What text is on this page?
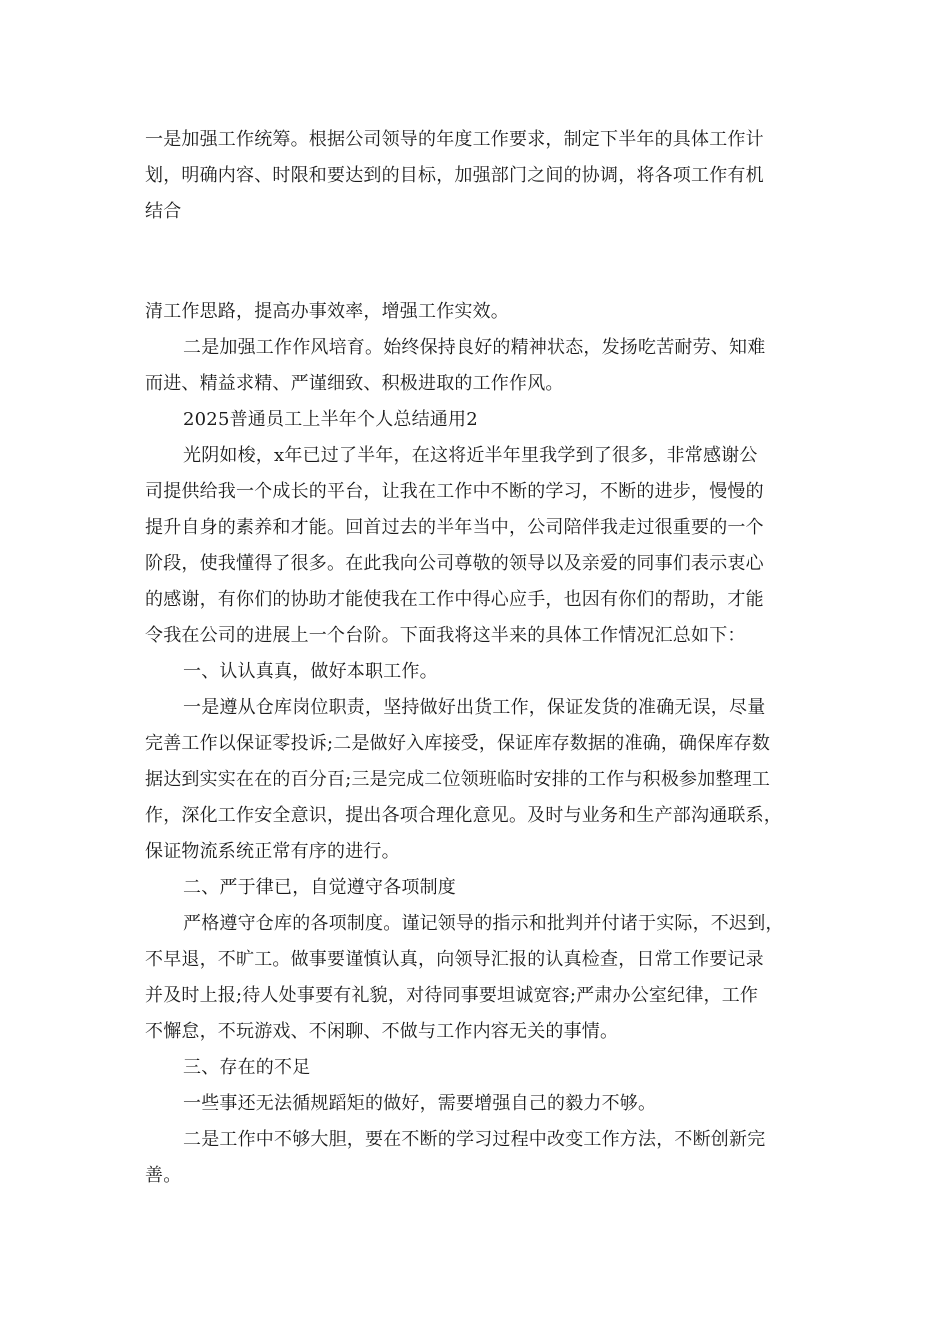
一是加强工作统筹。根据公司领导的年度工作要求，制定下半年的具体工作计
划，明确内容、时限和要达到的目标，加强部门之间的协调，将各项工作有机
结合
清工作思路，提高办事效率，增强工作实效。
二是加强工作作风培育。始终保持良好的精神状态，发扬吃苦耐劳、知难
而进、精益求精、严谨细致、积极进取的工作作风。
2025普通员工上半年个人总结通用2
光阴如梭，x年已过了半年，在这将近半年里我学到了很多，非常感谢公
司提供给我一个成长的平台，让我在工作中不断的学习，不断的进步，慢慢的
提升自身的素养和才能。回首过去的半年当中，公司陪伴我走过很重要的一个
阶段，使我懂得了很多。在此我向公司尊敬的领导以及亲爱的同事们表示衷心
的感谢，有你们的协助才能使我在工作中得心应手，也因有你们的帮助，才能
令我在公司的进展上一个台阶。下面我将这半来的具体工作情况汇总如下：
一、认认真真，做好本职工作。
一是遵从仓库岗位职责，坚持做好出货工作，保证发货的准确无误，尽量
完善工作以保证零投诉;二是做好入库接受，保证库存数据的准确，确保库存数
据达到实实在在的百分百;三是完成二位领班临时安排的工作与积极参加整理工
作，深化工作安全意识，提出各项合理化意见。及时与业务和生产部沟通联系，
保证物流系统正常有序的进行。
二、严于律已，自觉遵守各项制度
严格遵守仓库的各项制度。谨记领导的指示和批判并付诸于实际，不迟到，
不早退，不旷工。做事要谨慎认真，向领导汇报的认真检查，日常工作要记录
并及时上报;待人处事要有礼貌，对待同事要坦诚宽容;严肃办公室纪律，工作
不懈怠，不玩游戏、不闲聊、不做与工作内容无关的事情。
三、存在的不足
一些事还无法循规蹈矩的做好，需要增强自己的毅力不够。
二是工作中不够大胆，要在不断的学习过程中改变工作方法，不断创新完
善。
